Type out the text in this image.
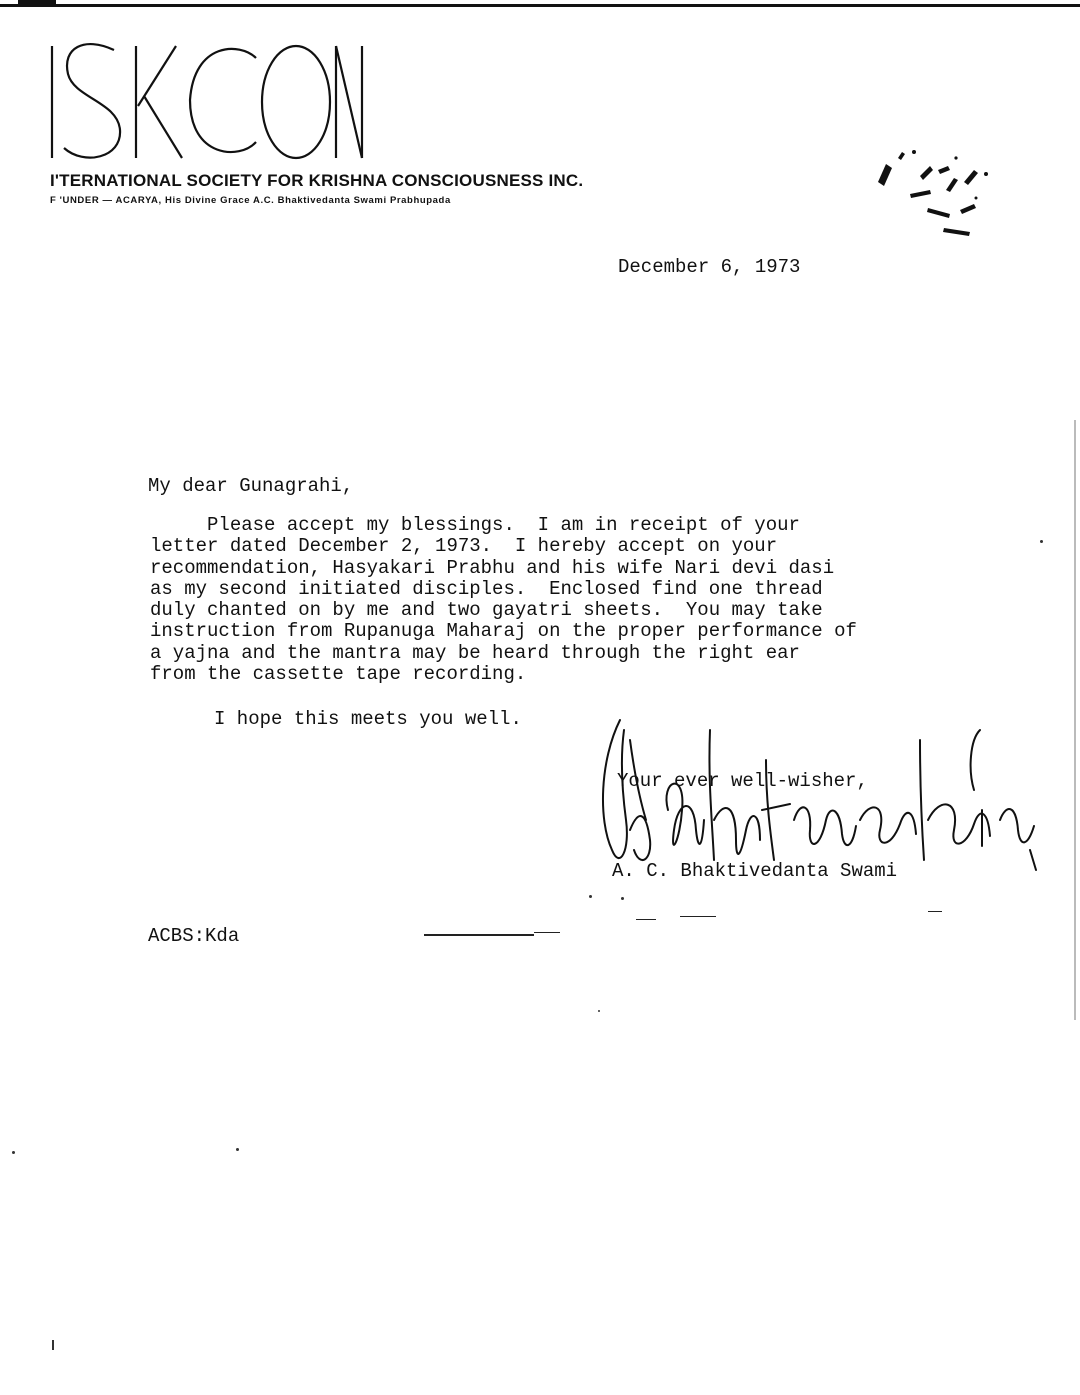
I'TERNATIONAL SOCIETY FOR KRISHNA CONSCIOUSNESS INC.
F 'UNDER — ACARYA, His Divine Grace A.C. Bhaktivedanta Swami Prabhupada
December 6, 1973
My dear Gunagrahi,
Please accept my blessings.  I am in receipt of your
letter dated December 2, 1973.  I hereby accept on your
recommendation, Hasyakari Prabhu and his wife Nari devi dasi
as my second initiated disciples.  Enclosed find one thread
duly chanted on by me and two gayatri sheets.  You may take
instruction from Rupanuga Maharaj on the proper performance of
a yajna and the mantra may be heard through the right ear
from the cassette tape recording.
I hope this meets you well.
Your ever well-wisher,
A. C. Bhaktivedanta Swami
ACBS:Kda
